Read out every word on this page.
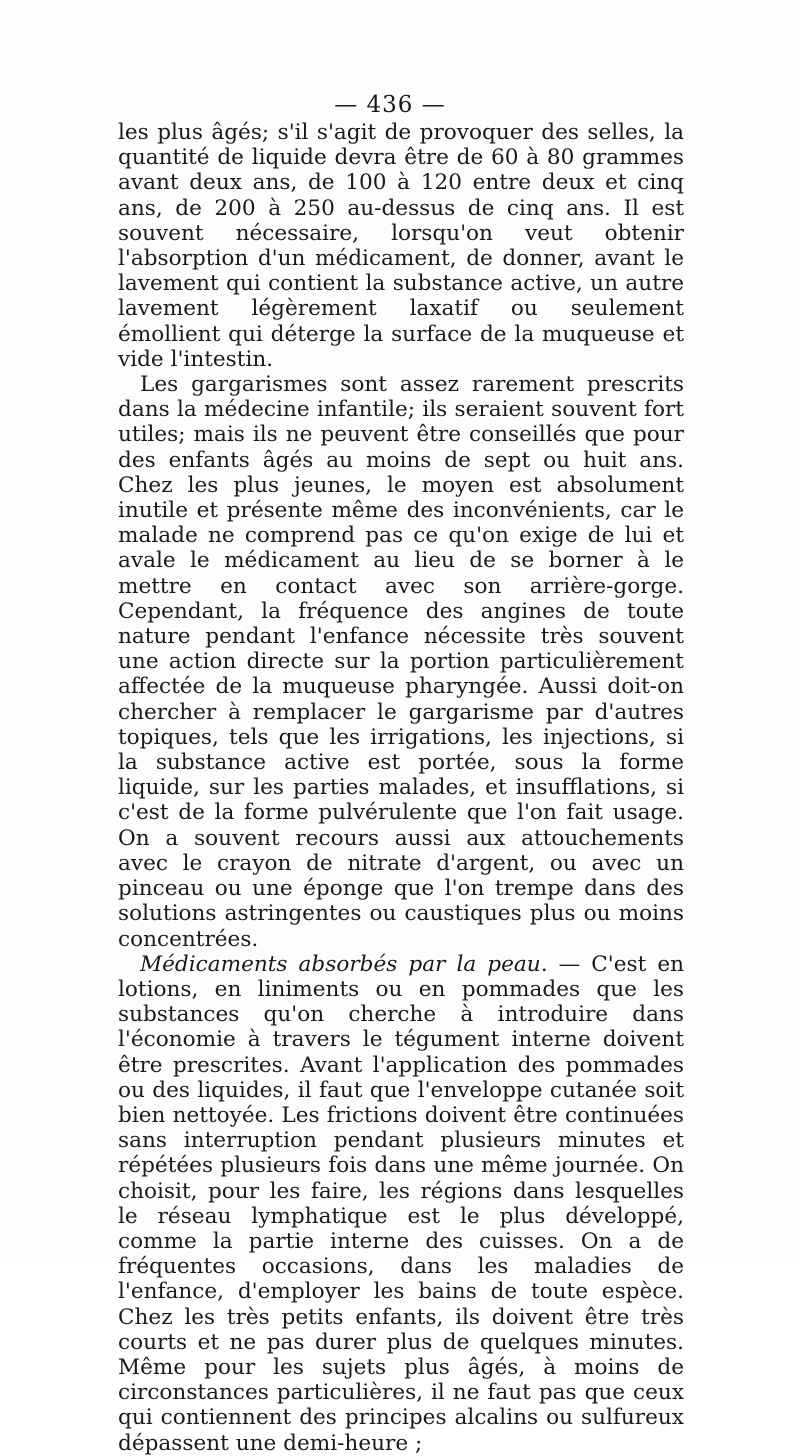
— 436 —

les plus âgés; s'il s'agit de provoquer des selles, la quantité de liquide devra être de 60 à 80 grammes avant deux ans, de 100 à 120 entre deux et cinq ans, de 200 à 250 au-dessus de cinq ans. Il est souvent nécessaire, lorsqu'on veut obtenir l'absorption d'un médicament, de donner, avant le lavement qui contient la substance active, un autre lavement légèrement laxatif ou seulement émollient qui déterge la surface de la muqueuse et vide l'intestin.

Les gargarismes sont assez rarement prescrits dans la médecine infantile; ils seraient souvent fort utiles; mais ils ne peuvent être conseillés que pour des enfants âgés au moins de sept ou huit ans. Chez les plus jeunes, le moyen est absolument inutile et présente même des inconvénients, car le malade ne comprend pas ce qu'on exige de lui et avale le médicament au lieu de se borner à le mettre en contact avec son arrière-gorge. Cependant, la fréquence des angines de toute nature pendant l'enfance nécessite très souvent une action directe sur la portion particulièrement affectée de la muqueuse pharyngée. Aussi doit-on chercher à remplacer le gargarisme par d'autres topiques, tels que les irrigations, les injections, si la substance active est portée, sous la forme liquide, sur les parties malades, et insufflations, si c'est de la forme pulvérulente que l'on fait usage. On a souvent recours aussi aux attouchements avec le crayon de nitrate d'argent, ou avec un pinceau ou une éponge que l'on trempe dans des solutions astringentes ou caustiques plus ou moins concentrées.

Médicaments absorbés par la peau. — C'est en lotions, en liniments ou en pommades que les substances qu'on cherche à introduire dans l'économie à travers le tégument interne doivent être prescrites. Avant l'application des pommades ou des liquides, il faut que l'enveloppe cutanée soit bien nettoyée. Les frictions doivent être continuées sans interruption pendant plusieurs minutes et répétées plusieurs fois dans une même journée. On choisit, pour les faire, les régions dans lesquelles le réseau lymphatique est le plus développé, comme la partie interne des cuisses. On a de fréquentes occasions, dans les maladies de l'enfance, d'employer les bains de toute espèce. Chez les très petits enfants, ils doivent être très courts et ne pas durer plus de quelques minutes. Même pour les sujets plus âgés, à moins de circonstances particulières, il ne faut pas que ceux qui contiennent des principes alcalins ou sulfureux dépassent une demi-heure ;
